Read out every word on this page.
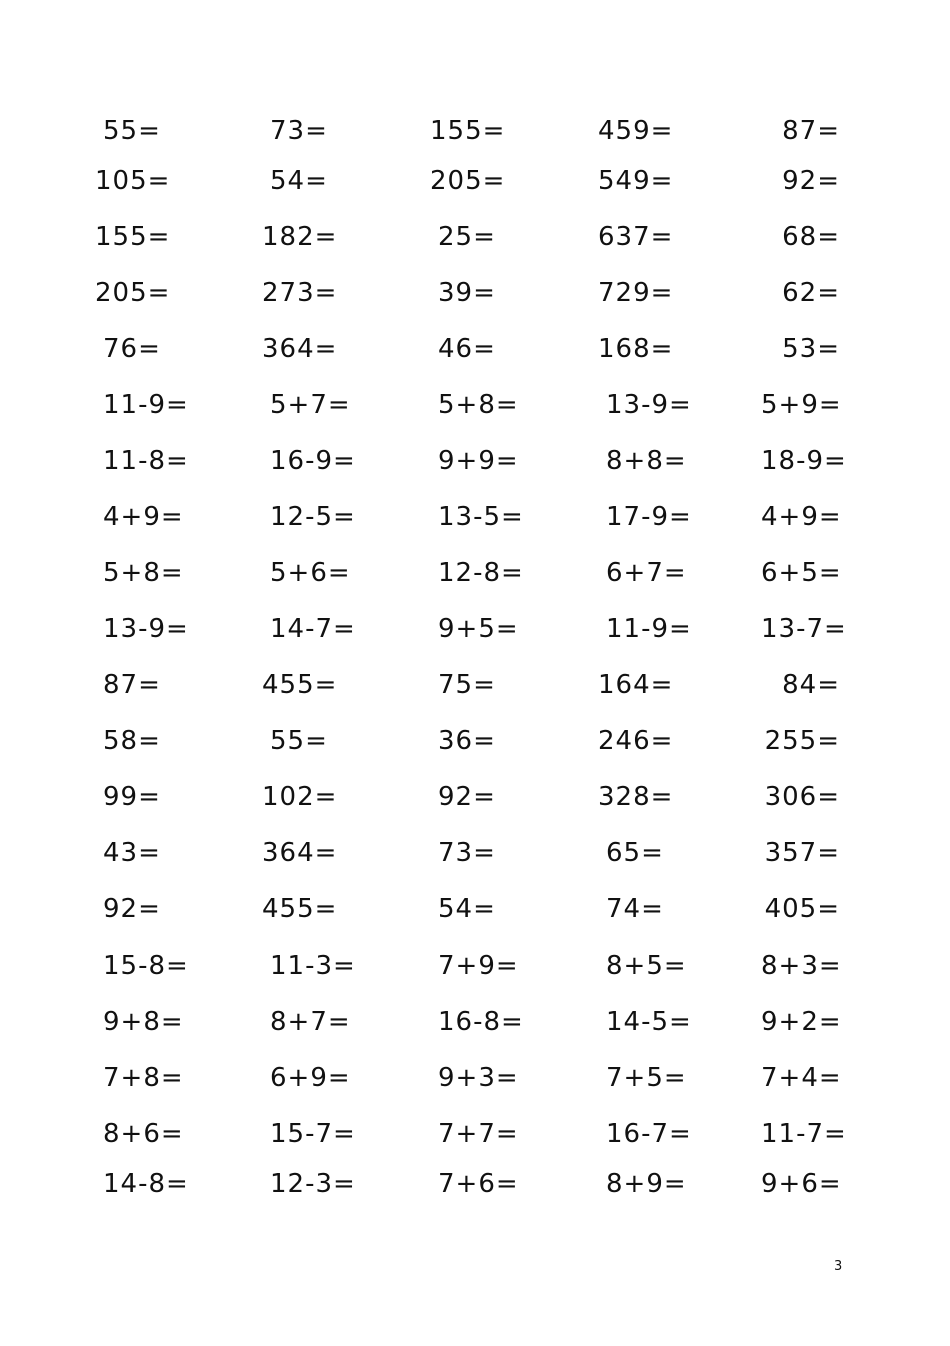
55=	73=	155=	459=	87=
105=	54=	205=	549=	92=
155=	182=	25=	637=	68=
205=	273=	39=	729=	62=
76=	364=	46=	168=	53=
11-9=	5+7=	5+8=	13-9=	5+9=
11-8=	16-9=	9+9=	8+8=	18-9=
4+9=	12-5=	13-5=	17-9=	4+9=
5+8=	5+6=	12-8=	6+7=	6+5=
13-9=	14-7=	9+5=	11-9=	13-7=
87=	455=	75=	164=	84=
58=	55=	36=	246=	255=
99=	102=	92=	328=	306=
43=	364=	73=	65=	357=
92=	455=	54=	74=	405=
15-8=	11-3=	7+9=	8+5=	8+3=
9+8=	8+7=	16-8=	14-5=	9+2=
7+8=	6+9=	9+3=	7+5=	7+4=
8+6=	15-7=	7+7=	16-7=	11-7=
14-8=	12-3=	7+6=	8+9=	9+6=
3
